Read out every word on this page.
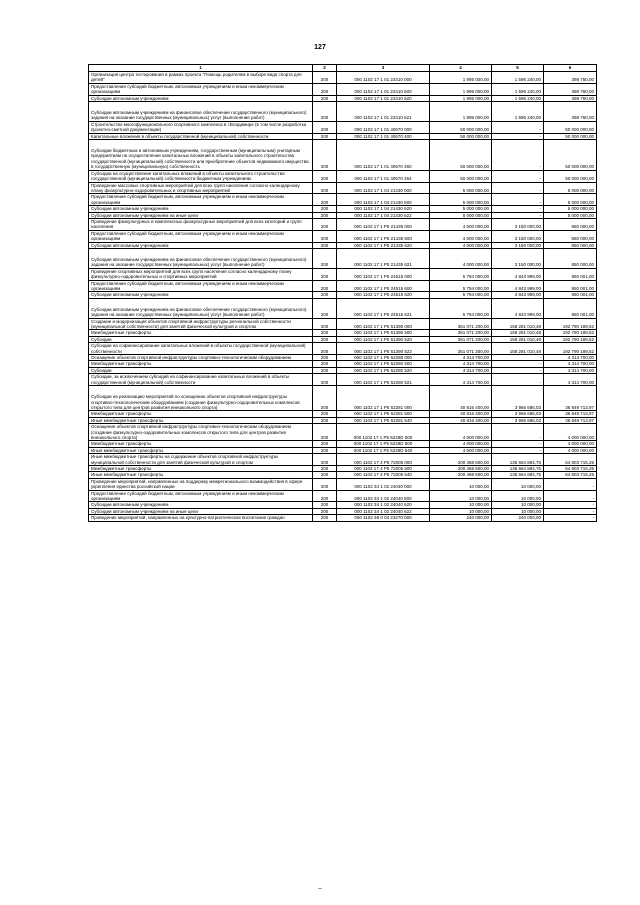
127
1	2	3	4	5	6
Организация центра тестирования в рамках проекта "Помощь родителям в выборе вида спорта для детей"	200	000 1102 17 1 01 23410 000	1 995 000,00	1 596 240,00	398 760,00
Предоставление субсидий бюджетным, автономным учреждениям и иным некоммерческим организациям	200	000 1102 17 1 01 23410 600	1 995 000,00	1 596 240,00	398 760,00
Субсидии автономным учреждениям	200	000 1102 17 1 01 23410 620	1 995 000,00	1 596 240,00	398 760,00
Субсидии автономным учреждениям на финансовое обеспечение государственного (муниципального) задания на оказание государственных (муниципальных) услуг (выполнение работ)	200	000 1102 17 1 01 23410 621	1 995 000,00	1 596 240,00	398 760,00
Строительство многофункционального спортивного комплекса в г.Владимире (в том числе разработка проектно-сметной документации)	200	000 1102 17 1 01 40670 000	50 000 000,00	-	50 000 000,00
Капитальные вложения в объекты государственной (муниципальной) собственности	200	000 1102 17 1 01 40670 400	50 000 000,00	-	50 000 000,00
Субсидии бюджетным и автономным учреждениям, государственным (муниципальным) унитарным предприятиям на осуществление капитальных вложений в объекты капитального строительства государственной (муниципальной) собственности или приобретение объектов недвижимого имущества в государственную (муниципальную) собственность	200	000 1102 17 1 01 40670 460	50 000 000,00	-	50 000 000,00
Субсидии на осуществление капитальных вложений в объекты капитального строительства государственной (муниципальной) собственности бюджетным учреждениям	200	000 1102 17 1 01 40670 464	50 000 000,00	-	50 000 000,00
Проведение массовых спортивных мероприятий для всех групп населения согласно календарному плану физкультурно-оздоровительных и спортивных мероприятий	200	000 1102 17 1 04 21430 000	5 000 000,00	-	5 000 000,00
Предоставление субсидий бюджетным, автономным учреждениям и иным некоммерческим организациям	200	000 1102 17 1 04 21430 600	5 000 000,00	-	5 000 000,00
Субсидии автономным учреждениям	200	000 1102 17 1 04 21430 620	5 000 000,00	-	5 000 000,00
Субсидии автономным учреждениям на иные цели	200	000 1102 17 1 04 21430 622	5 000 000,00	-	5 000 000,00
Проведение физкультурных и комплексных физкультурных мероприятий для всех категорий и групп населения	200	000 1102 17 1 Р5 21435 000	4 000 000,00	3 150 000,00	850 000,00
Предоставление субсидий бюджетным, автономным учреждениям и иным некоммерческим организациям	200	000 1102 17 1 Р5 21435 600	4 000 000,00	3 150 000,00	850 000,00
Субсидии автономным учреждениям	200	000 1102 17 1 Р5 21435 620	4 000 000,00	3 150 000,00	850 000,00
Субсидии автономным учреждениям на финансовое обеспечение государственного (муниципального) задания на оказание государственных (муниципальных) услуг (выполнение работ)	200	000 1102 17 1 Р5 21435 621	4 000 000,00	3 150 000,00	850 000,00
Проведение спортивных мероприятий для всех групп населения согласно календарному плану физкультурно-оздоровительных и спортивных мероприятий	200	000 1102 17 1 Р5 24515 000	5 794 000,00	4 843 999,00	950 001,00
Предоставление субсидий бюджетным, автономным учреждениям и иным некоммерческим организациям	200	000 1102 17 1 Р5 24515 600	5 794 000,00	4 843 999,00	950 001,00
Субсидии автономным учреждениям	200	000 1102 17 1 Р5 24515 620	5 794 000,00	4 843 999,00	950 001,00
Субсидии автономным учреждениям на финансовое обеспечение государственного (муниципального) задания на оказание государственных (муниципальных) услуг (выполнение работ)	200	000 1102 17 1 Р5 24515 621	5 794 000,00	4 843 999,00	950 001,00
Создание и модернизация объектов спортивной инфраструктуры региональной собственности (муниципальной собственности) для занятий физической культурой и спортом	200	000 1102 17 1 Р5 51390 000	351 071 200,00	158 281 010,48	192 790 189,52
Межбюджетные трансферты	200	000 1102 17 1 Р5 51390 500	351 071 200,00	158 281 010,48	192 790 189,52
Субсидии	200	000 1102 17 1 Р5 51390 520	351 071 200,00	158 281 010,48	192 790 189,52
Субсидии на софинансирование капитальных вложений в объекты государственной (муниципальной) собственности	200	000 1102 17 1 Р5 51390 522	351 071 200,00	158 281 010,48	192 790 189,52
Оснащение объектов спортивной инфраструктуры спортивно-технологическим оборудованием	200	000 1102 17 1 Р5 52280 000	4 314 700,00	-	4 314 700,00
Межбюджетные трансферты	200	000 1102 17 1 Р5 52280 500	4 314 700,00	-	4 314 700,00
Субсидии	200	000 1102 17 1 Р5 52280 520	4 314 700,00	-	4 314 700,00
Субсидии, за исключением субсидий на софинансирование капитальных вложений в объекты государственной (муниципальной) собственности	200	000 1102 17 1 Р5 52280 521	4 314 700,00	-	4 314 700,00
Субсидии на реализацию мероприятий по оснащению объектов спортивной инфраструктуры спортивно-технологическим оборудованием (создание физкультурно-оздоровительных комплексов открытого типа для центров развития внешкольного спорта)	200	000 1102 17 1 Р5 52281 000	40 816 400,00	3 966 686,03	36 849 713,97
Межбюджетные трансферты	200	000 1102 17 1 Р5 52281 500	40 816 400,00	3 966 686,03	36 849 713,97
Иные межбюджетные трансферты	200	000 1102 17 1 Р5 52281 540	40 816 400,00	3 966 686,03	36 849 713,97
Оснащение объектов спортивной инфраструктуры спортивно-технологическим оборудованием (создание физкультурно-оздоровительных комплексов открытого типа для центров развития внешкольного спорта)	200	000 1102 17 1 Р5 5228D 000	4 000 000,00	-	4 000 000,00
Межбюджетные трансферты	200	000 1102 17 1 Р5 5228D 500	4 000 000,00	-	4 000 000,00
Иные межбюджетные трансферты	200	000 1102 17 1 Р5 5228D 540	4 000 000,00	-	4 000 000,00
Иные межбюджетные трансферты на содержание объектов спортивной инфраструктуры муниципальной собственности для занятий физической культурой и спортом	200	000 1102 17 4 Р5 72005 000	200 468 600,00	135 664 884,75	64 803 715,25
Межбюджетные трансферты	200	000 1102 17 4 Р5 72005 500	200 468 600,00	135 664 884,75	64 803 715,25
Иные межбюджетные трансферты	200	000 1102 17 4 Р5 72005 540	200 468 600,00	135 664 884,75	64 803 715,25
Проведение мероприятий, направленных на поддержку межрегионального взаимодействия в сфере укрепления единства российской нации	200	000 1102 34 1 02 24040 000	10 000,00	10 000,00	-
Предоставление субсидий бюджетным, автономным учреждениям и иным некоммерческим организациям	200	000 1102 34 1 02 24040 600	10 000,00	10 000,00	-
Субсидии автономным учреждениям	200	000 1102 34 1 02 24040 620	10 000,00	10 000,00	-
Субсидии автономным учреждениям на иные цели	200	000 1102 34 1 02 24040 622	10 000,00	10 000,00	-
Проведение мероприятий, направленных на культурно-патриотическое воспитание граждан	200	000 1102 38 0 04 23270 000	240 000,00	240 000,00	-
